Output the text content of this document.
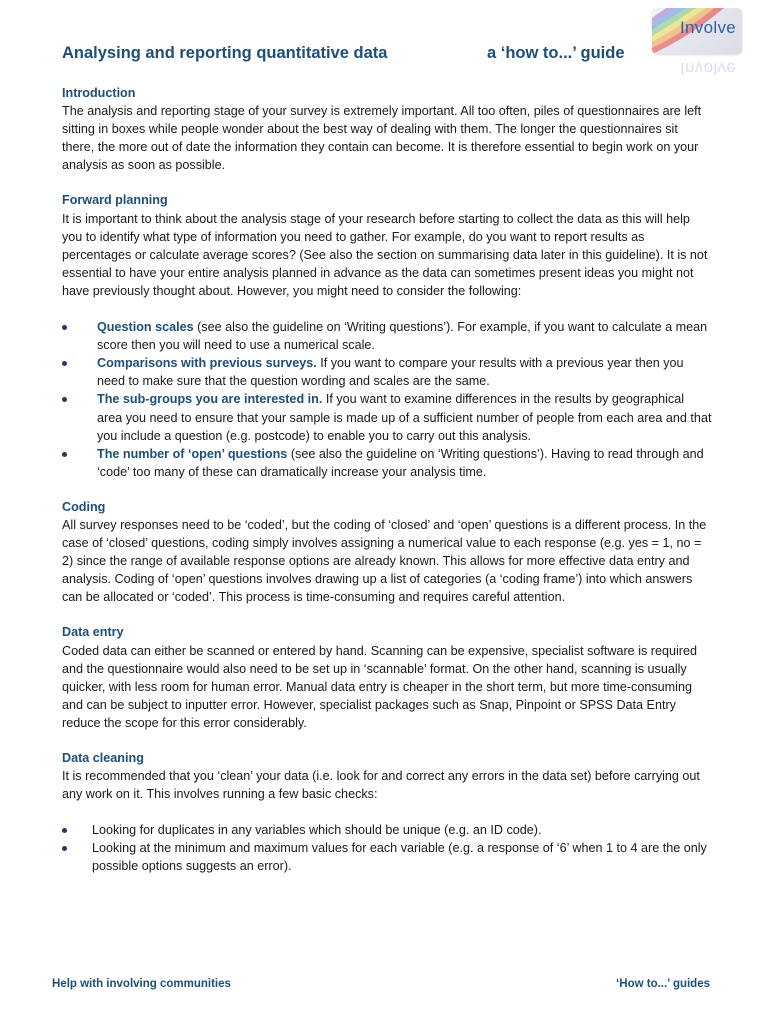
Involve
Involve
Analysing and reporting quantitative data	a ‘how to...’ guide
Introduction

The analysis and reporting stage of your survey is extremely important. All too often, piles of questionnaires are left sitting in boxes while people wonder about the best way of dealing with them. The longer the questionnaires sit there, the more out of date the information they contain can become. It is therefore essential to begin work on your analysis as soon as possible.

Forward planning

It is important to think about the analysis stage of your research before starting to collect the data as this will help you to identify what type of information you need to gather. For example, do you want to report results as percentages or calculate average scores? (See also the section on summarising data later in this guideline). It is not essential to have your entire analysis planned in advance as the data can sometimes present ideas you might not have previously thought about. However, you might need to consider the following:

Question scales (see also the guideline on ‘Writing questions’). For example, if you want to calculate a mean score then you will need to use a numerical scale.
Comparisons with previous surveys. If you want to compare your results with a previous year then you need to make sure that the question wording and scales are the same.
The sub-groups you are interested in. If you want to examine differences in the results by geographical area you need to ensure that your sample is made up of a sufficient number of people from each area and that you include a question (e.g. postcode) to enable you to carry out this analysis.
The number of ‘open’ questions (see also the guideline on ‘Writing questions’). Having to read through and ‘code’ too many of these can dramatically increase your analysis time.
Coding

All survey responses need to be ‘coded’, but the coding of ‘closed’ and ‘open’ questions is a different process. In the case of ‘closed’ questions, coding simply involves assigning a numerical value to each response (e.g. yes = 1, no = 2) since the range of available response options are already known. This allows for more effective data entry and analysis. Coding of ‘open’ questions involves drawing up a list of categories (a ‘coding frame’) into which answers can be allocated or ‘coded’. This process is time-consuming and requires careful attention.

Data entry

Coded data can either be scanned or entered by hand. Scanning can be expensive, specialist software is required and the questionnaire would also need to be set up in ‘scannable’ format. On the other hand, scanning is usually quicker, with less room for human error. Manual data entry is cheaper in the short term, but more time-consuming and can be subject to inputter error. However, specialist packages such as Snap, Pinpoint or SPSS Data Entry reduce the scope for this error considerably.

Data cleaning

It is recommended that you ‘clean’ your data (i.e. look for and correct any errors in the data set) before carrying out any work on it. This involves running a few basic checks:

Looking for duplicates in any variables which should be unique (e.g. an ID code).
Looking at the minimum and maximum values for each variable (e.g. a response of ‘6’ when 1 to 4 are the only possible options suggests an error).
Help with involving communities	‘How to...’ guides
